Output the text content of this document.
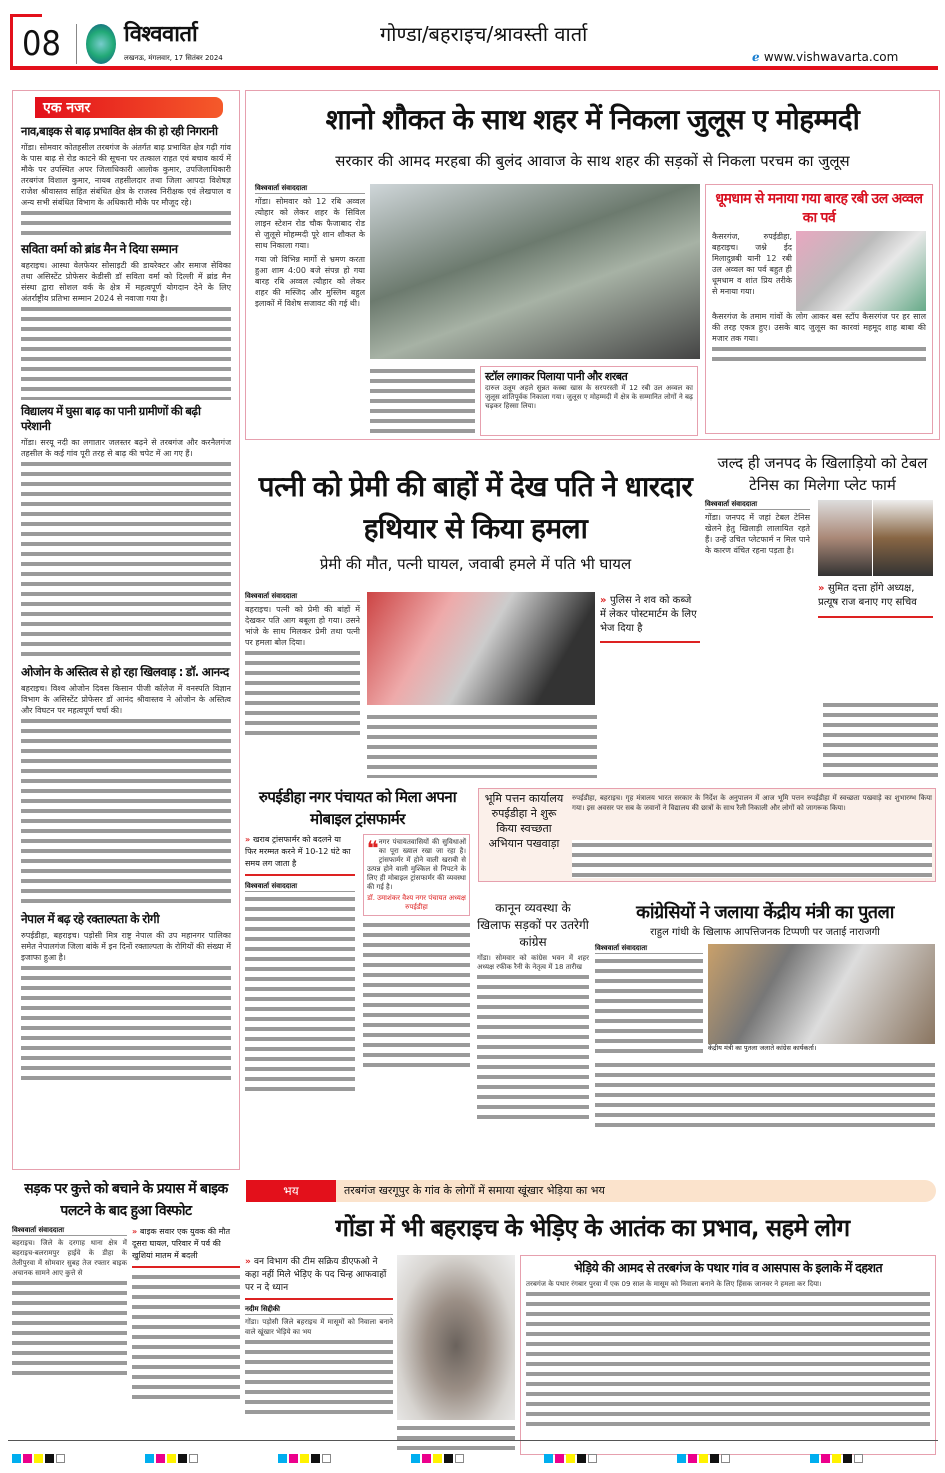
08	विश्ववार्ता
लखनऊ, मंगलवार, 17 सितंबर 2024
गोण्डा/बहराइच/श्रावस्ती वार्ता
ℯ www.vishwavarta.com
एक नजर
नाव,बाइक से बाढ़ प्रभावित क्षेत्र की हो रही निगरानी
गोंडा। सोमवार कोतहसील तरबगंज के अंतर्गत बाढ़ प्रभावित क्षेत्र गढ़ी गांव के पास बाढ़ से रोड काटने की सूचना पर तत्काल राहत एवं बचाव कार्य में मौके पर उपस्थित अपर जिलाधिकारी आलोक कुमार, उपजिलाधिकारी तरबगंज विशाल कुमार, नायब तहसीलदार तथा जिला आपदा विशेषज्ञ राजेश श्रीवास्तव सहित संबंधित क्षेत्र के राजस्व निरीक्षक एवं लेखपाल व अन्य सभी संबंधित विभाग के अधिकारी मौके पर मौजूद रहे।
सविता वर्मा को ब्रांड मैन ने दिया सम्मान
बहराइच। आस्था वेलफेयर सोसाइटी की डायरेक्टर और समाज सेविका तथा असिस्टेंट प्रोफेसर केडीसी डॉ सविता वर्मा को दिल्ली में ब्रांड मैन संस्था द्वारा सोशल वर्क के क्षेत्र में महत्वपूर्ण योगदान देने के लिए अंतर्राष्ट्रीय प्रतिभा सम्मान 2024 से नवाजा गया है।
विद्यालय में घुसा बाढ़ का पानी ग्रामीणों की बढ़ी परेशानी
गोंडा। सरयू नदी का लगातार जलस्तर बढ़ने से तरबगंज और करनैलगंज तहसील के कई गांव पूरी तरह से बाढ़ की चपेट में आ गए हैं।
ओजोन के अस्तित्व से हो रहा खिलवाड़ : डॉ. आनन्द
बहराइच। विश्व ओजोन दिवस किसान पीजी कॉलेज में वनस्पति विज्ञान विभाग के असिस्टेंट प्रोफेसर डॉ आनंद श्रीवास्तव ने ओजोन के अस्तित्व और विघटन पर महत्वपूर्ण चर्चा की।
नेपाल में बढ़ रहे रक्ताल्पता के रोगी
रुपईडीहा, बहराइच। पड़ोसी मित्र राष्ट्र नेपाल की उप महानगर पालिका समेत नेपालगंज जिला बांके में इन दिनों रक्ताल्पता के रोगियों की संख्या में इजाफा हुआ है।
शानो शौकत के साथ शहर में निकला जुलूस ए मोहम्मदी
सरकार की आमद मरहबा की बुलंद आवाज के साथ शहर की सड़कों से निकला परचम का जुलूस
विश्ववार्ता संवाददाता
गोंडा। सोमवार को 12 रबि अव्वल त्योहार को लेकर शहर के सिविल लाइन स्टेशन रोड चौक फैजाबाद रोड से जुलूसे मोहम्मदी पूरे शान शौकत के साथ निकाला गया।
गया जो विभिन्न मार्गो से भ्रमण करता हुआ शाम 4:00 बजे संपन्न हो गया बारह रबि अव्वल त्यौहार को लेकर शहर की मस्जिद और मुस्लिम बहुल इलाकों में विशेष सजावट की गई थी।
स्टॉल लगाकर पिलाया पानी और शरबत
दारुल उलूम अहले सुन्नत कस्बा खास के सरपरस्ती में 12 रबी उल अव्वल का जुलूस शांतिपूर्वक निकाला गया। जुलूस ए मोहम्मदी में क्षेत्र के सम्मानित लोगों ने बढ़ चढ़कर हिस्सा लिया।
धूमधाम से मनाया गया बारह रबी उल अव्वल का पर्व
कैसरगंज, रुपईडीहा, बहराइच। जश्ने ईद मिलादुन्नबी यानी 12 रबी उल अव्वल का पर्व बहुत ही धूमधाम व शांत प्रिय तरीके से मनाया गया।
कैसरगंज के तमाम गांवों के लोग आकर बस स्टॉप कैसरगंज पर हर साल की तरह एकत्र हुए। उसके बाद जुलूस का कारवां महमूद शाह बाबा की मजार तक गया।
पत्नी को प्रेमी की बाहों में देख पति ने धारदार हथियार से किया हमला
प्रेमी की मौत, पत्नी घायल, जवाबी हमले में पति भी घायल
विश्ववार्ता संवाददाता
बहराइच। पत्नी को प्रेमी की बांहों में देखकर पति आग बबूला हो गया। उसने भांजे के साथ मिलकर प्रेमी तथा पत्नी पर हमला बोल दिया।
» पुलिस ने शव को कब्जे में लेकर पोस्टमार्टम के लिए भेज दिया है
जल्द ही जनपद के खिलाड़ियो को टेबल टेनिस का मिलेगा प्लेट फार्म
विश्ववार्ता संवाददाता
गोंडा। जनपद में जहां टेबल टेनिस खेलने हेतु खिलाड़ी लालायित रहते हैं। उन्हें उचित प्लेटफार्म न मिल पाने के कारण वंचित रहना पड़ता है।
» सुमित दत्ता होंगे अध्यक्ष, प्रत्यूष राज बनाए गए सचिव
रुपईडीहा नगर पंचायत को मिला अपना मोबाइल ट्रांसफार्मर
» खराब ट्रांसफार्मर को बदलने या फिर मरम्मत करने में 10-12 घंटे का समय लग जाता है
विश्ववार्ता संवाददाता
❝ नगर पंचायतवासियों की सुविधाओं का पूरा ख्याल रखा जा रहा है। ट्रांसफार्मर में होने वाली खराबी से उत्पन्न होने वाली मुश्किल से निपटने के लिए ही मोबाइल ट्रांसफार्मर की व्यवस्था की गई है।
डॉ. उमाशंकर वैश्य नगर पंचायत अध्यक्ष रुपईडीहा
भूमि पत्तन कार्यालय रुपईडीहा ने शुरू किया स्वच्छता अभियान पखवाड़ा
रुपईडीहा, बहराइच। गृह मंत्रालय भारत सरकार के निर्देश के अनुपालन में आज भूमि पत्तन रुपईडीहा में स्वच्छता पखवाड़े का शुभारम्भ किया गया। इस अवसर पर सब के जवानों ने विद्यालय की छात्रों के साथ रैली निकाली और लोगों को जागरूक किया।
कानून व्यवस्था के खिलाफ सड़कों पर उतरेगी कांग्रेस
गोंडा। सोमवार को कांग्रेस भवन में शहर अध्यक्ष रफीक रैनी के नेतृत्व में 18 तारीख
कांग्रेसियों ने जलाया केंद्रीय मंत्री का पुतला
राहुल गांधी के खिलाफ आपत्तिजनक टिप्पणी पर जताई नाराजगी
विश्ववार्ता संवाददाता
केंद्रीय मंत्री का पुतला जलाते कांग्रेस कार्यकर्ता।
सड़क पर कुत्ते को बचाने के प्रयास में बाइक पलटने के बाद हुआ विस्फोट
विश्ववार्ता संवाददाता
बहराइच। जिले के दरगाह थाना क्षेत्र में बहराइच-बलरामपुर हाईवे के डीहा के तेलीपुरवा में सोमवार सुबह तेज रफ्तार बाइक अचानक सामने आए कुत्ते से
» बाइक सवार एक युवक की मौत दूसरा घायल, परिवार में पर्व की खुशियां मातम में बदली
भय	तरबगंज खरगूपुर के गांव के लोगों में समाया खूंखार भेड़िया का भय
गोंडा में भी बहराइच के भेड़िए के आतंक का प्रभाव, सहमे लोग
» वन विभाग की टीम सक्रिय डीएफओ ने कहा नहीं मिले भेड़िए के पद चिन्ह आफवाहों पर न दे ध्यान
नदीम सिद्दीकी
गोंडा। पड़ोसी जिले बहराइच में मासूमों को निवाला बनाने वाले खूंखार भेड़िये का भय
भेड़िये की आमद से तरबगंज के पथार गांव व आसपास के इलाके में दहशत
तरबगंज के पथार रंगबार पुरवा में एक 09 साल के मासूम को निवाला बनाने के लिए हिंसक जानवर ने हमला कर दिया।
